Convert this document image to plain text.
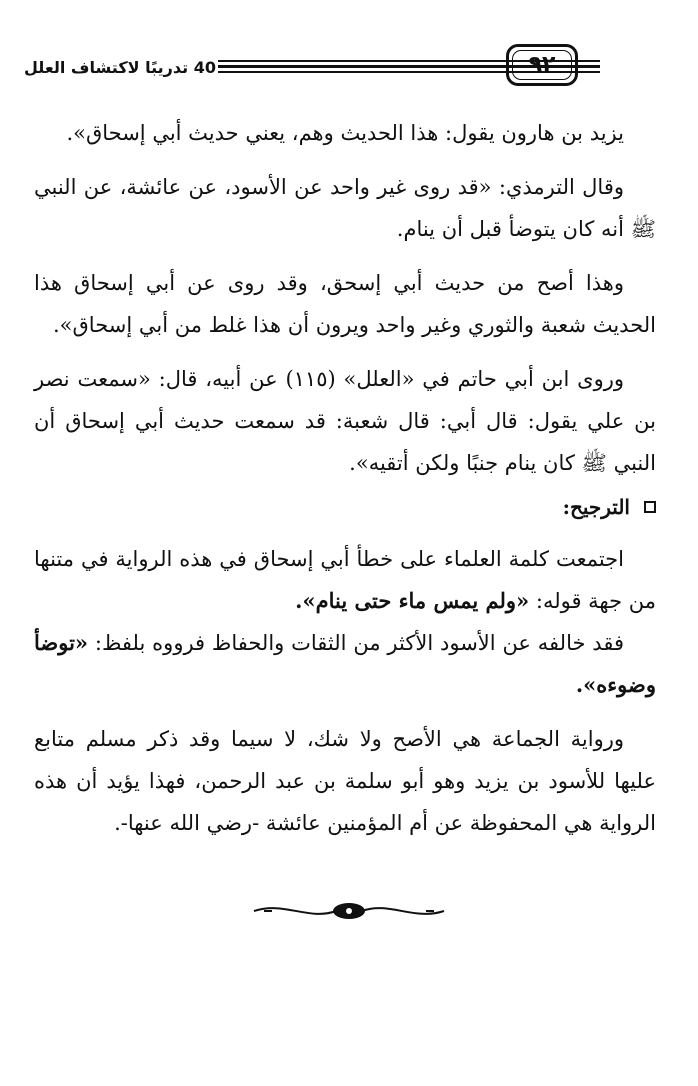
٩٢
40 تدريبًا لاكتشاف العلل

يزيد بن هارون يقول: هذا الحديث وهم، يعني حديث أبي إسحاق».

وقال الترمذي: «قد روى غير واحد عن الأسود، عن عائشة، عن النبي ﷺ أنه كان يتوضأ قبل أن ينام.

وهذا أصح من حديث أبي إسحق، وقد روى عن أبي إسحاق هذا الحديث شعبة والثوري وغير واحد ويرون أن هذا غلط من أبي إسحاق».

وروى ابن أبي حاتم في «العلل» (١١٥) عن أبيه، قال: «سمعت نصر بن علي يقول: قال أبي: قال شعبة: قد سمعت حديث أبي إسحاق أن النبي ﷺ كان ينام جنبًا ولكن أتقيه».

الترجيح:

اجتمعت كلمة العلماء على خطأ أبي إسحاق في هذه الرواية في متنها من جهة قوله: «ولم يمس ماء حتى ينام».

فقد خالفه عن الأسود الأكثر من الثقات والحفاظ فرووه بلفظ: «توضأ وضوءه».

ورواية الجماعة هي الأصح ولا شك، لا سيما وقد ذكر مسلم متابع عليها للأسود بن يزيد وهو أبو سلمة بن عبد الرحمن، فهذا يؤيد أن هذه الرواية هي المحفوظة عن أم المؤمنين عائشة -رضي الله عنها-.
